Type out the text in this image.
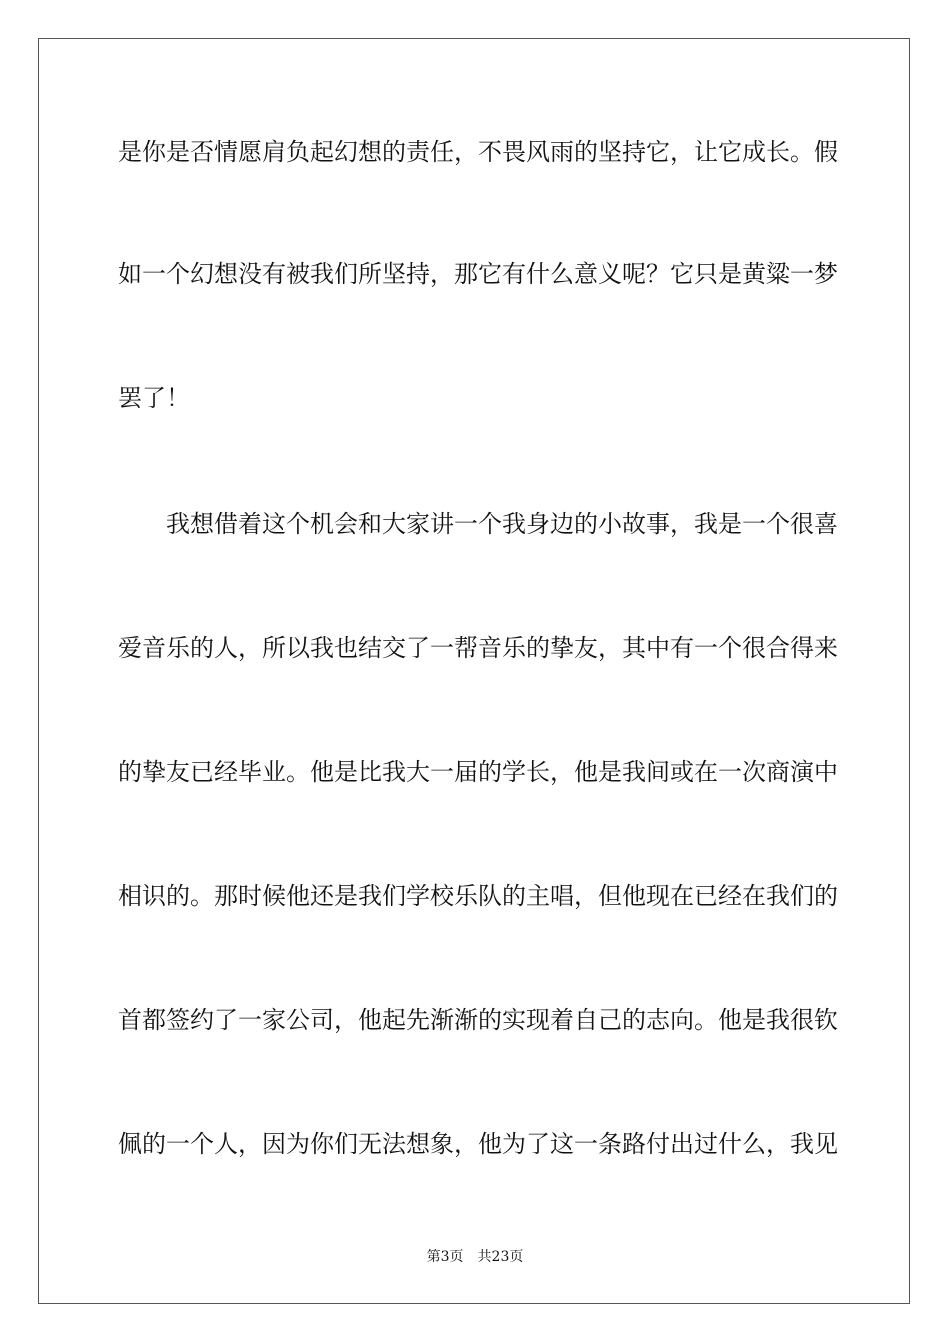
是你是否情愿肩负起幻想的责任，不畏风雨的坚持它，让它成长。假
如一个幻想没有被我们所坚持，那它有什么意义呢？它只是黄粱一梦
罢了！
我想借着这个机会和大家讲一个我身边的小故事，我是一个很喜
爱音乐的人，所以我也结交了一帮音乐的挚友，其中有一个很合得来
的挚友已经毕业。他是比我大一届的学长，他是我间或在一次商演中
相识的。那时候他还是我们学校乐队的主唱，但他现在已经在我们的
首都签约了一家公司，他起先渐渐的实现着自己的志向。他是我很钦
佩的一个人，因为你们无法想象，他为了这一条路付出过什么，我见
第3页 共23页
